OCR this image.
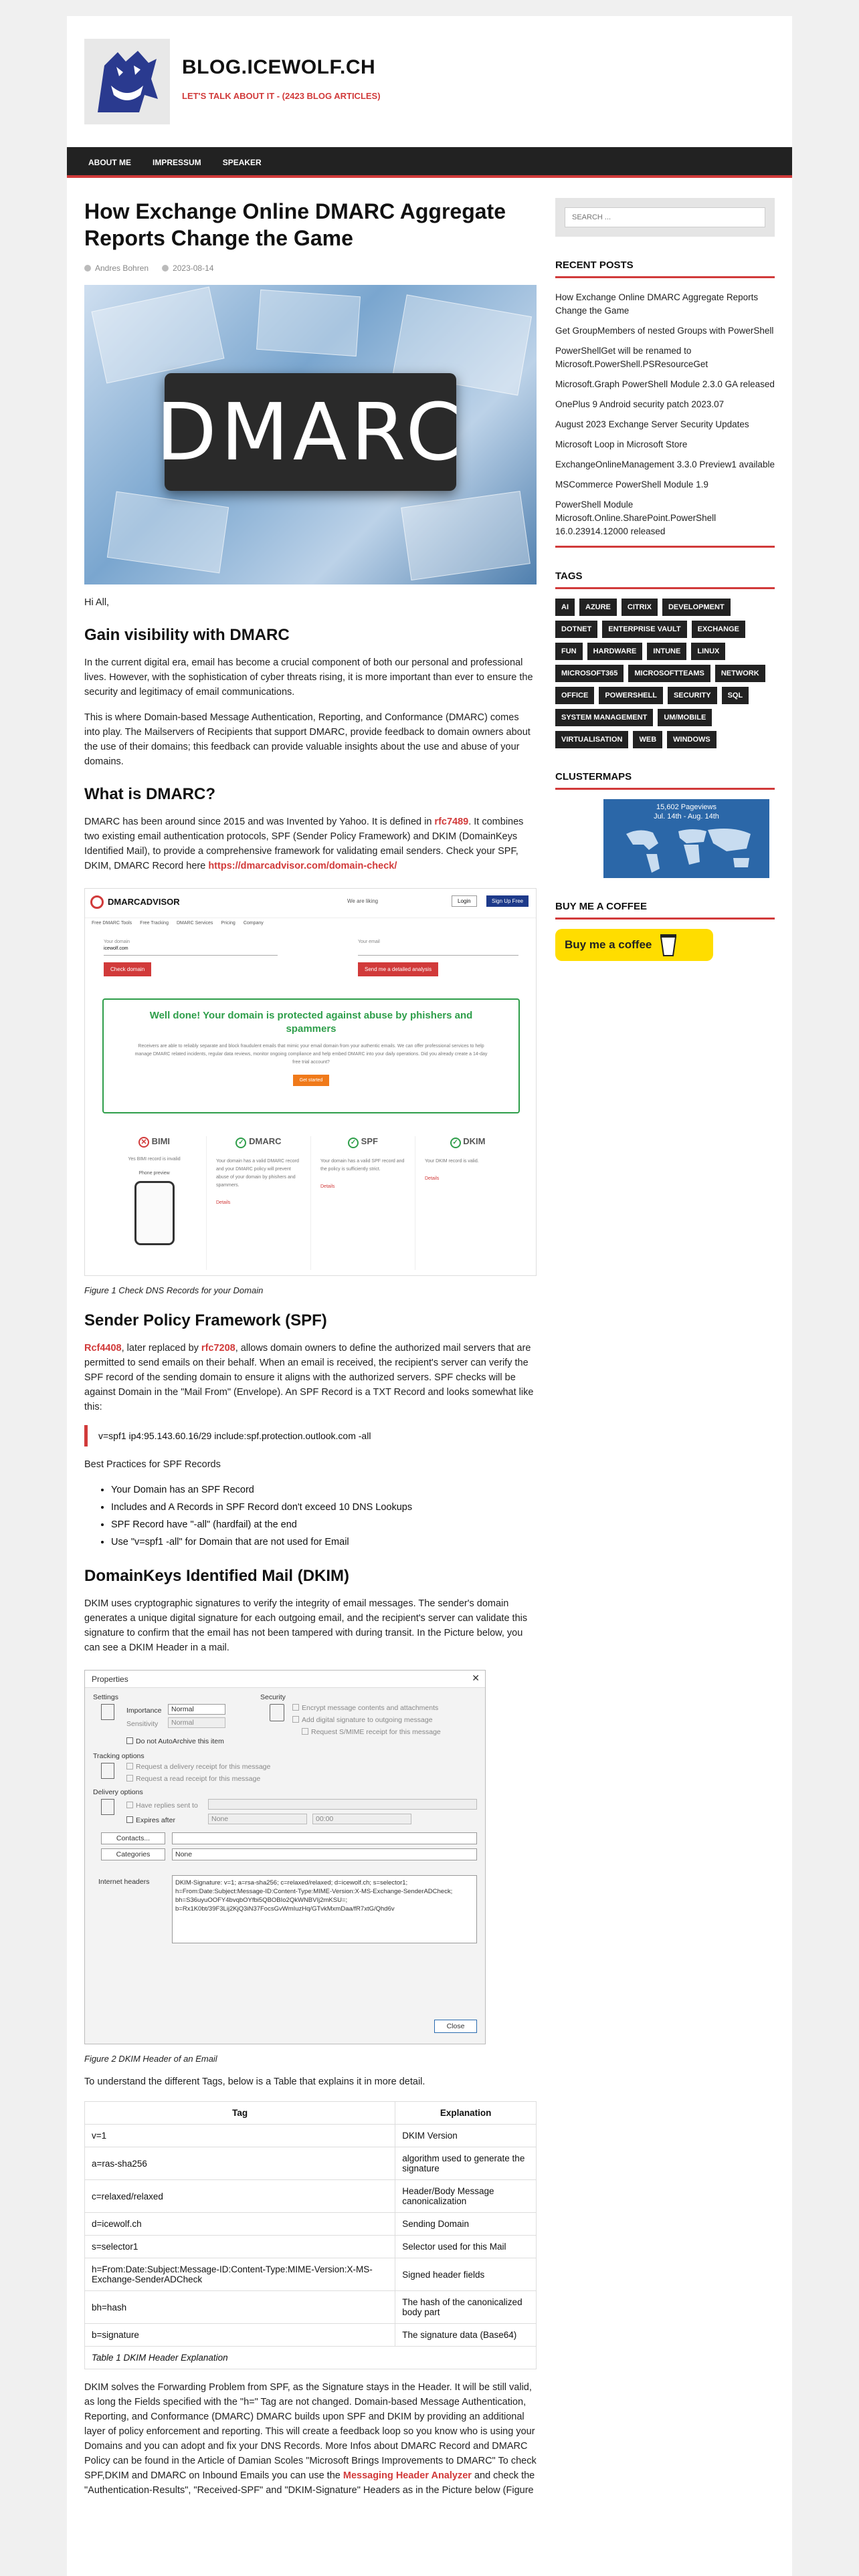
BLOG.ICEWOLF.CH
LET'S TALK ABOUT IT - (2423 BLOG ARTICLES)
ABOUT ME	IMPRESSUM	SPEAKER
How Exchange Online DMARC Aggregate Reports Change the Game
Andres Bohren	2023-08-14
DMARC

Hi All,

Gain visibility with DMARC

In the current digital era, email has become a crucial component of both our personal and professional lives. However, with the sophistication of cyber threats rising, it is more important than ever to ensure the security and legitimacy of email communications.

This is where Domain-based Message Authentication, Reporting, and Conformance (DMARC) comes into play. The Mailservers of Recipients that support DMARC, provide feedback to domain owners about the use of their domains; this feedback can provide valuable insights about the use and abuse of your domains.

What is DMARC?

DMARC has been around since 2015 and was Invented by Yahoo. It is defined in rfc7489. It combines two existing email authentication protocols, SPF (Sender Policy Framework) and DKIM (DomainKeys Identified Mail), to provide a comprehensive framework for validating email senders. Check your SPF, DKIM, DMARC Record here https://dmarcadvisor.com/domain-check/

DMARCADVISOR	We are liking	Login	Sign Up Free
Free DMARC Tools Free Tracking DMARC Services Pricing Company
Your domain
icewolf.com
Your email
Check domain	Send me a detailed analysis
Well done! Your domain is protected against abuse by phishers and spammers
Receivers are able to reliably separate and block fraudulent emails that mimic your email domain from your authentic emails. We can offer professional services to help manage DMARC related incidents, regular data reviews, monitor ongoing compliance and help embed DMARC into your daily operations. Did you already create a 14-day free trial account?
Get started
✕ BIMI
Yes BIMI record is invalid
Phone preview
✓ DMARC
Your domain has a valid DMARC record and your DMARC policy will prevent abuse of your domain by phishers and spammers.
Details
✓ SPF
Your domain has a valid SPF record and the policy is sufficiently strict.
Details
✓ DKIM
Your DKIM record is valid.
Details
Figure 1 Check DNS Records for your Domain
Sender Policy Framework (SPF)

Rcf4408, later replaced by rfc7208, allows domain owners to define the authorized mail servers that are permitted to send emails on their behalf. When an email is received, the recipient's server can verify the SPF record of the sending domain to ensure it aligns with the authorized servers. SPF checks will be against Domain in the "Mail From" (Envelope). An SPF Record is a TXT Record and looks somewhat like this:

v=spf1 ip4:95.143.60.16/29 include:spf.protection.outlook.com -all

Best Practices for SPF Records

• Your Domain has an SPF Record
• Includes and A Records in SPF Record don't exceed 10 DNS Lookups
• SPF Record have "-all" (hardfail) at the end
• Use "v=spf1 -all" for Domain that are not used for Email
DomainKeys Identified Mail (DKIM)

DKIM uses cryptographic signatures to verify the integrity of email messages. The sender's domain generates a unique digital signature for each outgoing email, and the recipient's server can validate this signature to confirm that the email has not been tampered with during transit. In the Picture below, you can see a DKIM Header in a mail.

Properties	✕
Settings
Importance	Normal
Sensitivity	Normal
Do not AutoArchive this item
Security
Encrypt message contents and attachments
Add digital signature to outgoing message
Request S/MIME receipt for this message
Tracking options
Request a delivery receipt for this message
Request a read receipt for this message
Delivery options
Have replies sent to
Expires after	None	00:00
Contacts...
Categories	None
Internet headers	DKIM-Signature: v=1; a=rsa-sha256; c=relaxed/relaxed; d=icewolf.ch; s=selector1; h=From:Date:Subject:Message-ID:Content-Type:MIME-Version:X-MS-Exchange-SenderADCheck; bh=S36uyuOOFY4bvqbOYfbi5QBOBIo2QkWNBVIj2mKSU=; b=Rx1K0bt/39F3Lij2KjQ3iN37FocsGvWmIuzHq/GTvkMxmDaa/fR7xtG/Qhd6v
Close
Figure 2 DKIM Header of an Email

To understand the different Tags, below is a Table that explains it in more detail.

Tag	Explanation
v=1	DKIM Version
a=ras-sha256	algorithm used to generate the signature
c=relaxed/relaxed	Header/Body Message canonicalization
d=icewolf.ch	Sending Domain
s=selector1	Selector used for this Mail
h=From:Date:Subject:Message-ID:Content-Type:MIME-Version:X-MS-Exchange-SenderADCheck	Signed header fields
bh=hash	The hash of the canonicalized body part
b=signature	The signature data (Base64)
Table 1 DKIM Header Explanation	

DKIM solves the Forwarding Problem from SPF, as the Signature stays in the Header. It will be still valid, as long the Fields specified with the "h=" Tag are not changed. Domain-based Message Authentication, Reporting, and Conformance (DMARC) DMARC builds upon SPF and DKIM by providing an additional layer of policy enforcement and reporting. This will create a feedback loop so you know who is using your Domains and you can adopt and fix your DNS Records. More Infos about DMARC Record and DMARC Policy can be found in the Article of Damian Scoles "Microsoft Brings Improvements to DMARC" To check SPF,DKIM and DMARC on Inbound Emails you can use the Messaging Header Analyzer and check the "Authentication-Results", "Received-SPF" and "DKIM-Signature" Headers as in the Picture below (Figure

SEARCH ...
RECENT POSTS
How Exchange Online DMARC Aggregate Reports Change the Game
Get GroupMembers of nested Groups with PowerShell
PowerShellGet will be renamed to Microsoft.PowerShell.PSResourceGet
Microsoft.Graph PowerShell Module 2.3.0 GA released
OnePlus 9 Android security patch 2023.07
August 2023 Exchange Server Security Updates
Microsoft Loop in Microsoft Store
ExchangeOnlineManagement 3.3.0 Preview1 available
MSCommerce PowerShell Module 1.9
PowerShell Module Microsoft.Online.SharePoint.PowerShell 16.0.23914.12000 released
TAGS
AI	AZURE	CITRIX	DEVELOPMENT
DOTNET	ENTERPRISE VAULT	EXCHANGE
FUN	HARDWARE	INTUNE	LINUX
MICROSOFT365	MICROSOFTTEAMS	NETWORK
OFFICE	POWERSHELL	SECURITY	SQL
SYSTEM MANAGEMENT	UM/MOBILE
VIRTUALISATION	WEB	WINDOWS
CLUSTERMAPS
15,602 Pageviews
Jul. 14th - Aug. 14th
BUY ME A COFFEE
Buy me a coffee
